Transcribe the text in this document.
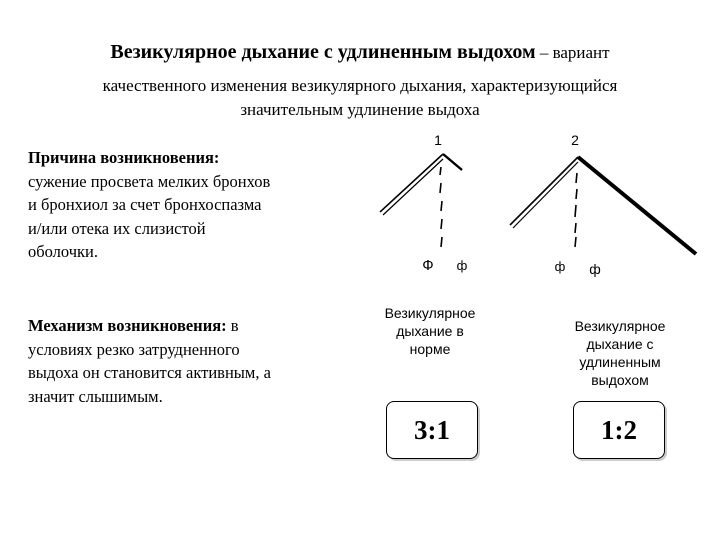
Везикулярное дыхание с удлиненным выдохом – вариант
качественного изменения везикулярного дыхания, характеризующийся
значительным удлинение выдоха
Причина возникновения:
сужение просвета мелких бронхов
и бронхиол за счет бронхоспазма
и/или отека их слизистой
оболочки.
Механизм возникновения: в
условиях резко затрудненного
выдоха он становится активным, а
значит слышимым.
1
Ф ф
2
ф ф
Везикулярное
дыхание в
норме
Везикулярное
дыхание с
удлиненным
выдохом
3:1	1:2
